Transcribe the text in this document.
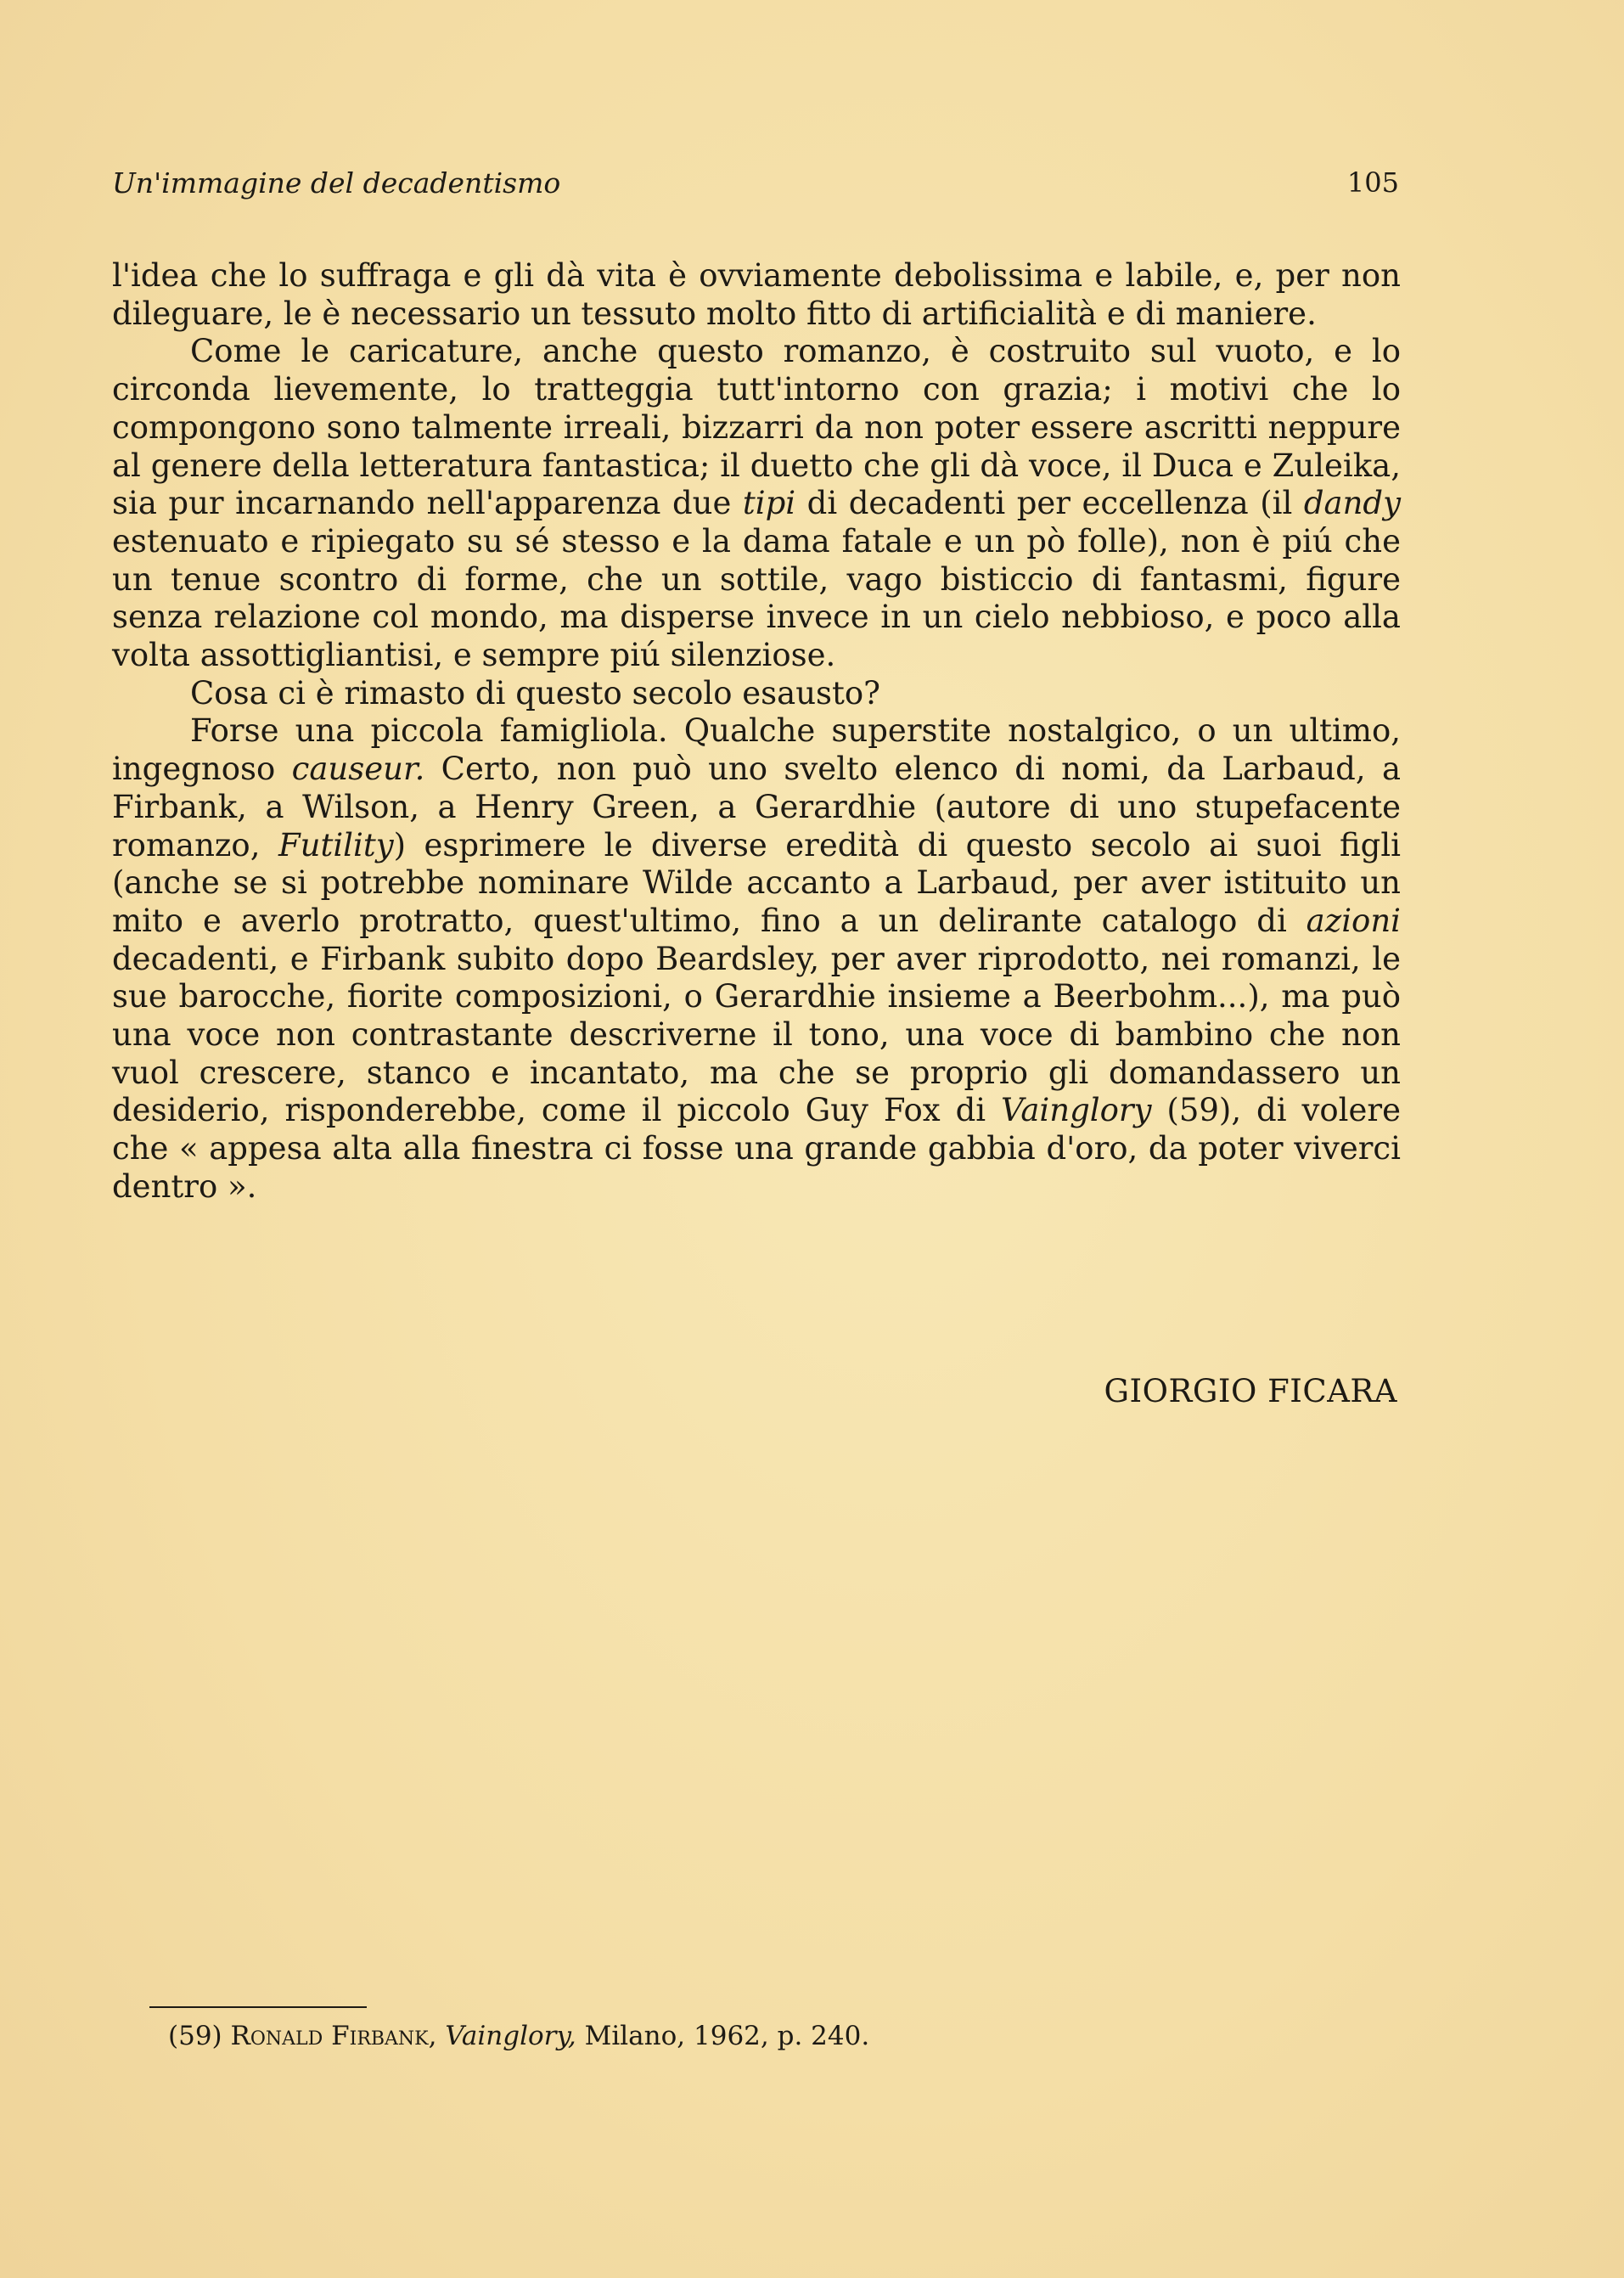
Un'immagine del decadentismo	105

l'idea che lo suffraga e gli dà vita è ovviamente debolissima e labile, e, per non dileguare, le è necessario un tessuto molto fitto di artificialità e di maniere.

Come le caricature, anche questo romanzo, è costruito sul vuoto, e lo circonda lievemente, lo tratteggia tutt'intorno con grazia; i motivi che lo compongono sono talmente irreali, bizzarri da non poter essere ascritti neppure al genere della letteratura fantastica; il duetto che gli dà voce, il Duca e Zuleika, sia pur incarnando nell'apparenza due tipi di decadenti per eccellenza (il dandy estenuato e ripiegato su sé stesso e la dama fatale e un pò folle), non è piú che un tenue scontro di forme, che un sottile, vago bisticcio di fantasmi, figure senza relazione col mondo, ma disperse invece in un cielo nebbioso, e poco alla volta assottigliantisi, e sempre piú silenziose.

Cosa ci è rimasto di questo secolo esausto?

Forse una piccola famigliola. Qualche superstite nostalgico, o un ultimo, ingegnoso causeur. Certo, non può uno svelto elenco di nomi, da Larbaud, a Firbank, a Wilson, a Henry Green, a Gerardhie (autore di uno stupefacente romanzo, Futility) esprimere le diverse eredità di questo secolo ai suoi figli (anche se si potrebbe nominare Wilde accanto a Larbaud, per aver istituito un mito e averlo protratto, quest'ultimo, fino a un delirante catalogo di azioni decadenti, e Firbank subito dopo Beardsley, per aver riprodotto, nei romanzi, le sue barocche, fiorite composizioni, o Gerardhie insieme a Beerbohm...), ma può una voce non contrastante descriverne il tono, una voce di bambino che non vuol crescere, stanco e incantato, ma che se proprio gli domandassero un desiderio, risponderebbe, come il piccolo Guy Fox di Vainglory (59), di volere che « appesa alta alla finestra ci fosse una grande gabbia d'oro, da poter viverci dentro ».

GIORGIO FICARA
(59) Ronald Firbank, Vainglory, Milano, 1962, p. 240.
